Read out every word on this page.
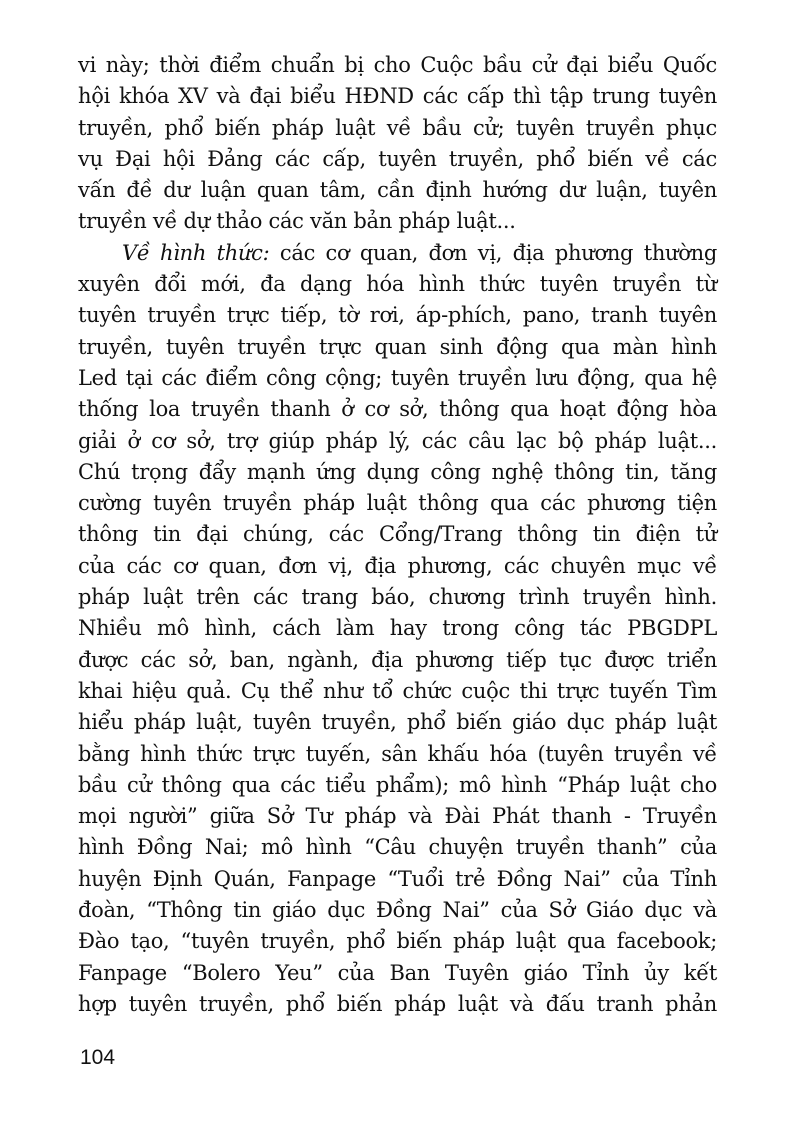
vi này; thời điểm chuẩn bị cho Cuộc bầu cử đại biểu Quốc
hội khóa XV và đại biểu HĐND các cấp thì tập trung tuyên
truyền, phổ biến pháp luật về bầu cử; tuyên truyền phục
vụ Đại hội Đảng các cấp, tuyên truyền, phổ biến về các
vấn đề dư luận quan tâm, cần định hướng dư luận, tuyên
truyền về dự thảo các văn bản pháp luật...
Về hình thức: các cơ quan, đơn vị, địa phương thường
xuyên đổi mới, đa dạng hóa hình thức tuyên truyền từ
tuyên truyền trực tiếp, tờ rơi, áp-phích, pano, tranh tuyên
truyền, tuyên truyền trực quan sinh động qua màn hình
Led tại các điểm công cộng; tuyên truyền lưu động, qua hệ
thống loa truyền thanh ở cơ sở, thông qua hoạt động hòa
giải ở cơ sở, trợ giúp pháp lý, các câu lạc bộ pháp luật...
Chú trọng đẩy mạnh ứng dụng công nghệ thông tin, tăng
cường tuyên truyền pháp luật thông qua các phương tiện
thông tin đại chúng, các Cổng/Trang thông tin điện tử
của các cơ quan, đơn vị, địa phương, các chuyên mục về
pháp luật trên các trang báo, chương trình truyền hình.
Nhiều mô hình, cách làm hay trong công tác PBGDPL
được các sở, ban, ngành, địa phương tiếp tục được triển
khai hiệu quả. Cụ thể như tổ chức cuộc thi trực tuyến Tìm
hiểu pháp luật, tuyên truyền, phổ biến giáo dục pháp luật
bằng hình thức trực tuyến, sân khấu hóa (tuyên truyền về
bầu cử thông qua các tiểu phẩm); mô hình “Pháp luật cho
mọi người” giữa Sở Tư pháp và Đài Phát thanh - Truyền
hình Đồng Nai; mô hình “Câu chuyện truyền thanh” của
huyện Định Quán, Fanpage “Tuổi trẻ Đồng Nai” của Tỉnh
đoàn, “Thông tin giáo dục Đồng Nai” của Sở Giáo dục và
Đào tạo, “tuyên truyền, phổ biến pháp luật qua facebook;
Fanpage “Bolero Yeu” của Ban Tuyên giáo Tỉnh ủy kết
hợp tuyên truyền, phổ biến pháp luật và đấu tranh phản
104
